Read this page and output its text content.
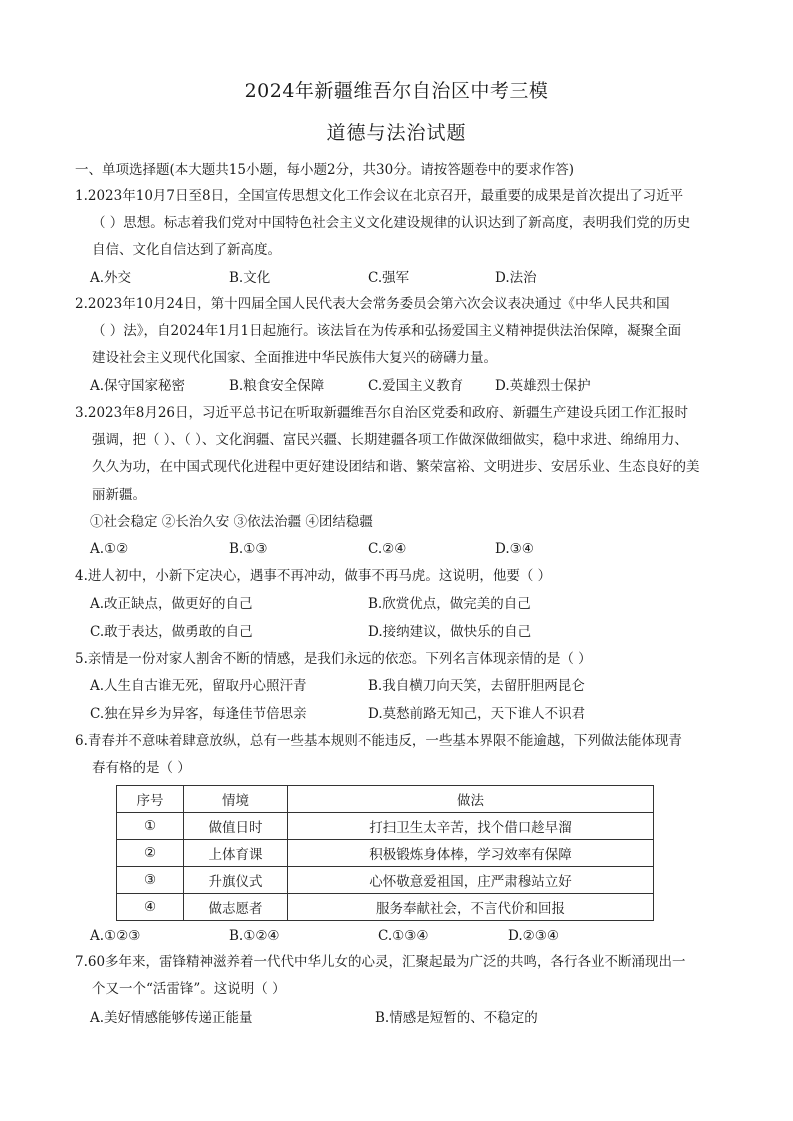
2024年新疆维吾尔自治区中考三模
道德与法治试题
一、单项选择题(本大题共15小题，每小题2分，共30分。请按答题卷中的要求作答)
1.2023年10月7日至8日，全国宣传思想文化工作会议在北京召开，最重要的成果是首次提出了习近平
（ ）思想。标志着我们党对中国特色社会主义文化建设规律的认识达到了新高度，表明我们党的历史
自信、文化自信达到了新高度。
A.外交	B.文化	C.强军	D.法治
2.2023年10月24日，第十四届全国人民代表大会常务委员会第六次会议表决通过《中华人民共和国
（ ）法》，自2024年1月1日起施行。该法旨在为传承和弘扬爱国主义精神提供法治保障，凝聚全面
建设社会主义现代化国家、全面推进中华民族伟大复兴的磅礴力量。
A.保守国家秘密	B.粮食安全保障	C.爱国主义教育 D.英雄烈士保护
3.2023年8月26日，习近平总书记在听取新疆维吾尔自治区党委和政府、新疆生产建设兵团工作汇报时
强调，把（ ）、（ ）、文化润疆、富民兴疆、长期建疆各项工作做深做细做实，稳中求进、绵绵用力、
久久为功，在中国式现代化进程中更好建设团结和谐、繁荣富裕、文明进步、安居乐业、生态良好的美
丽新疆。
①社会稳定 ②长治久安 ③依法治疆 ④团结稳疆
A.①②	B.①③	C.②④	D.③④
4.进人初中，小新下定决心，遇事不再冲动，做事不再马虎。这说明，他要（ ）
A.改正缺点，做更好的自己	B.欣赏优点，做完美的自己
C.敢于表达，做勇敢的自己	D.接纳建议，做快乐的自己
5.亲情是一份对家人割舍不断的情感，是我们永远的依恋。下列名言体现亲情的是（ ）
A.人生自古谁无死，留取丹心照汗青	B.我自横刀向天笑，去留肝胆两昆仑
C.独在异乡为异客，每逢佳节倍思亲	D.莫愁前路无知己，天下谁人不识君
6.青春并不意味着肆意放纵，总有一些基本规则不能违反，一些基本界限不能逾越，下列做法能体现青
春有格的是（ ）
序号	情境	做法
①	做值日时	打扫卫生太辛苦，找个借口趁早溜
②	上体育课	积极锻炼身体棒，学习效率有保障
③	升旗仪式	心怀敬意爱祖国，庄严肃穆站立好
④	做志愿者	服务奉献社会，不言代价和回报
A.①②③	B.①②④	C.①③④	D.②③④
7.60多年来，雷锋精神滋养着一代代中华儿女的心灵，汇聚起最为广泛的共鸣，各行各业不断涌现出一
个又一个“活雷锋”。这说明（ ）
A.美好情感能够传递正能量	B.情感是短暂的、不稳定的
